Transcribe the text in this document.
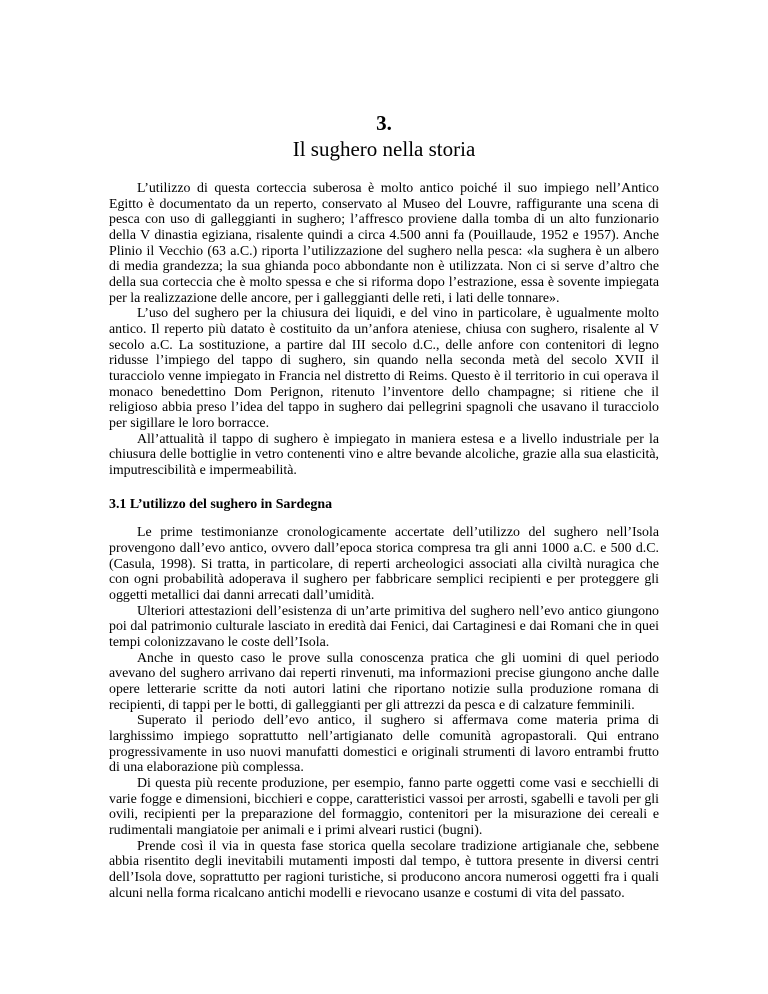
3.
Il sughero nella storia

L’utilizzo di questa corteccia suberosa è molto antico poiché il suo impiego nell’Antico Egitto è documentato da un reperto, conservato al Museo del Louvre, raffigurante una scena di pesca con uso di galleggianti in sughero; l’affresco proviene dalla tomba di un alto funzionario della V dinastia egiziana, risalente quindi a circa 4.500 anni fa (Pouillaude, 1952 e 1957). Anche Plinio il Vecchio (63 a.C.) riporta l’utilizzazione del sughero nella pesca: «la sughera è un albero di media grandezza; la sua ghianda poco abbondante non è utilizzata. Non ci si serve d’altro che della sua corteccia che è molto spessa e che si riforma dopo l’estrazione, essa è sovente impiegata per la realizzazione delle ancore, per i galleggianti delle reti, i lati delle tonnare».

L’uso del sughero per la chiusura dei liquidi, e del vino in particolare, è ugualmente molto antico. Il reperto più datato è costituito da un’anfora ateniese, chiusa con sughero, risalente al V secolo a.C. La sostituzione, a partire dal III secolo d.C., delle anfore con contenitori di legno ridusse l’impiego del tappo di sughero, sin quando nella seconda metà del secolo XVII il turacciolo venne impiegato in Francia nel distretto di Reims. Questo è il territorio in cui operava il monaco benedettino Dom Perignon, ritenuto l’inventore dello champagne; si ritiene che il religioso abbia preso l’idea del tappo in sughero dai pellegrini spagnoli che usavano il turacciolo per sigillare le loro borracce.

All’attualità il tappo di sughero è impiegato in maniera estesa e a livello industriale per la chiusura delle bottiglie in vetro contenenti vino e altre bevande alcoliche, grazie alla sua elasticità, imputrescibilità e impermeabilità.

3.1 L’utilizzo del sughero in Sardegna

Le prime testimonianze cronologicamente accertate dell’utilizzo del sughero nell’Isola provengono dall’evo antico, ovvero dall’epoca storica compresa tra gli anni 1000 a.C. e 500 d.C. (Casula, 1998). Si tratta, in particolare, di reperti archeologici associati alla civiltà nuragica che con ogni probabilità adoperava il sughero per fabbricare semplici recipienti e per proteggere gli oggetti metallici dai danni arrecati dall’umidità.

Ulteriori attestazioni dell’esistenza di un’arte primitiva del sughero nell’evo antico giungono poi dal patrimonio culturale lasciato in eredità dai Fenici, dai Cartaginesi e dai Romani che in quei tempi colonizzavano le coste dell’Isola.

Anche in questo caso le prove sulla conoscenza pratica che gli uomini di quel periodo avevano del sughero arrivano dai reperti rinvenuti, ma informazioni precise giungono anche dalle opere letterarie scritte da noti autori latini che riportano notizie sulla produzione romana di recipienti, di tappi per le botti, di galleggianti per gli attrezzi da pesca e di calzature femminili.

Superato il periodo dell’evo antico, il sughero si affermava come materia prima di larghissimo impiego soprattutto nell’artigianato delle comunità agropastorali. Qui entrano progressivamente in uso nuovi manufatti domestici e originali strumenti di lavoro entrambi frutto di una elaborazione più complessa.

Di questa più recente produzione, per esempio, fanno parte oggetti come vasi e secchielli di varie fogge e dimensioni, bicchieri e coppe, caratteristici vassoi per arrosti, sgabelli e tavoli per gli ovili, recipienti per la preparazione del formaggio, contenitori per la misurazione dei cereali e rudimentali mangiatoie per animali e i primi alveari rustici (bugni).

Prende così il via in questa fase storica quella secolare tradizione artigianale che, sebbene abbia risentito degli inevitabili mutamenti imposti dal tempo, è tuttora presente in diversi centri dell’Isola dove, soprattutto per ragioni turistiche, si producono ancora numerosi oggetti fra i quali alcuni nella forma ricalcano antichi modelli e rievocano usanze e costumi di vita del passato.
